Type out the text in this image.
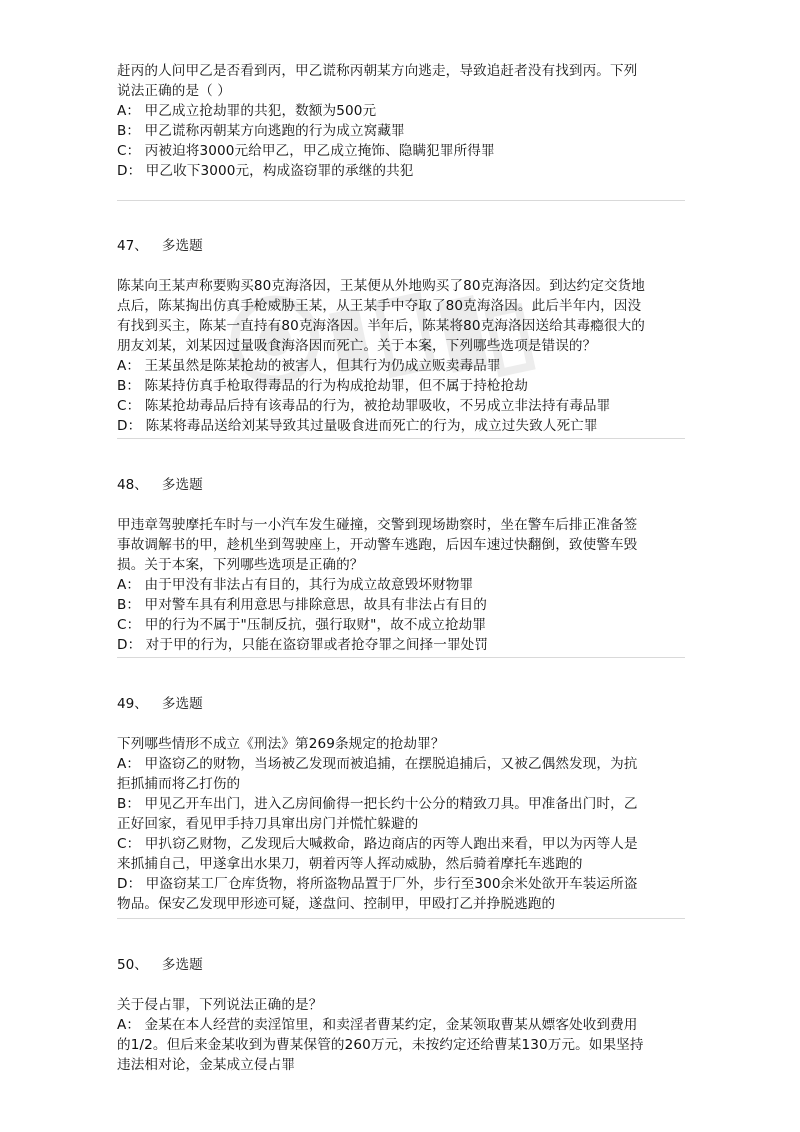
赶丙的人问甲乙是否看到丙，甲乙谎称丙朝某方向逃走，导致追赶者没有找到丙。下列
说法正确的是（ ）
A： 甲乙成立抢劫罪的共犯，数额为500元
B： 甲乙谎称丙朝某方向逃跑的行为成立窝藏罪
C： 丙被迫将3000元给甲乙，甲乙成立掩饰、隐瞒犯罪所得罪
D： 甲乙收下3000元，构成盗窃罪的承继的共犯
47、 多选题
陈某向王某声称要购买80克海洛因，王某便从外地购买了80克海洛因。到达约定交货地
点后，陈某掏出仿真手枪威胁王某，从王某手中夺取了80克海洛因。此后半年内，因没
有找到买主，陈某一直持有80克海洛因。半年后，陈某将80克海洛因送给其毒瘾很大的
朋友刘某，刘某因过量吸食海洛因而死亡。关于本案，下列哪些选项是错误的？
A： 王某虽然是陈某抢劫的被害人，但其行为仍成立贩卖毒品罪
B： 陈某持仿真手枪取得毒品的行为构成抢劫罪，但不属于持枪抢劫
C： 陈某抢劫毒品后持有该毒品的行为，被抢劫罪吸收，不另成立非法持有毒品罪
D： 陈某将毒品送给刘某导致其过量吸食进而死亡的行为，成立过失致人死亡罪
48、 多选题
甲违章驾驶摩托车时与一小汽车发生碰撞，交警到现场勘察时，坐在警车后排正准备签
事故调解书的甲，趁机坐到驾驶座上，开动警车逃跑，后因车速过快翻倒，致使警车毁
损。关于本案，下列哪些选项是正确的？
A： 由于甲没有非法占有目的，其行为成立故意毁坏财物罪
B： 甲对警车具有利用意思与排除意思，故具有非法占有目的
C： 甲的行为不属于"压制反抗，强行取财"，故不成立抢劫罪
D： 对于甲的行为，只能在盗窃罪或者抢夺罪之间择一罪处罚
49、 多选题
下列哪些情形不成立《刑法》第269条规定的抢劫罪？
A： 甲盗窃乙的财物，当场被乙发现而被追捕，在摆脱追捕后，又被乙偶然发现，为抗
拒抓捕而将乙打伤的
B： 甲见乙开车出门，进入乙房间偷得一把长约十公分的精致刀具。甲准备出门时，乙
正好回家，看见甲手持刀具窜出房门并慌忙躲避的
C： 甲扒窃乙财物，乙发现后大喊救命，路边商店的丙等人跑出来看，甲以为丙等人是
来抓捕自己，甲遂拿出水果刀，朝着丙等人挥动威胁，然后骑着摩托车逃跑的
D： 甲盗窃某工厂仓库货物，将所盗物品置于厂外，步行至300余米处欲开车装运所盗
物品。保安乙发现甲形迹可疑，遂盘问、控制甲，甲殴打乙并挣脱逃跑的
50、 多选题
关于侵占罪，下列说法正确的是？
A： 金某在本人经营的卖淫馆里，和卖淫者曹某约定，金某领取曹某从嫖客处收到费用
的1/2。但后来金某收到为曹某保管的260万元，未按约定还给曹某130万元。如果坚持
违法相对论，金某成立侵占罪
